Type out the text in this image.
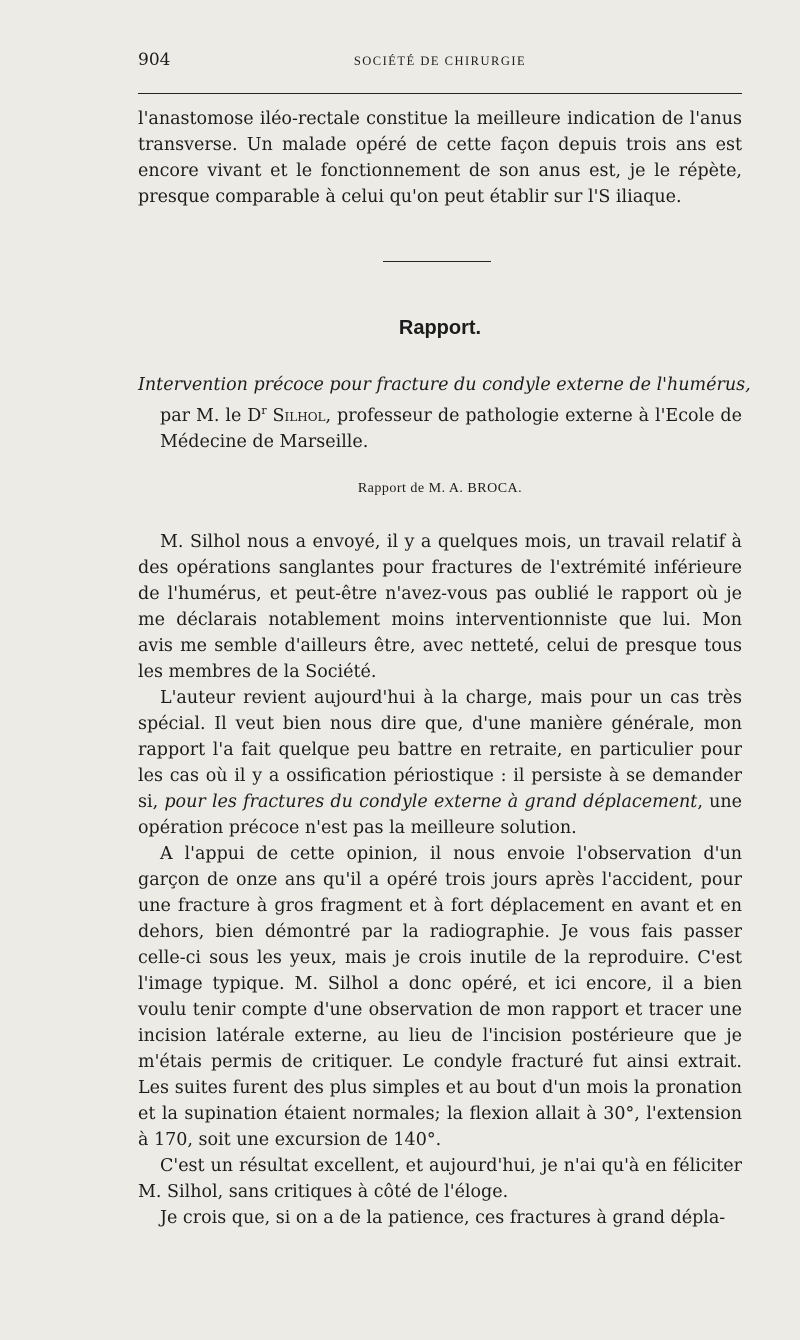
904	SOCIÉTÉ DE CHIRURGIE
l'anastomose iléo-rectale constitue la meilleure indication de l'anus transverse. Un malade opéré de cette façon depuis trois ans est encore vivant et le fonctionnement de son anus est, je le répète, presque comparable à celui qu'on peut établir sur l'S iliaque.
Rapport.
Intervention précoce pour fracture du condyle externe de l'humérus,
par M. le $D^r$ Silhol, professeur de pathologie externe à l'Ecole de Médecine de Marseille.
Rapport de M. A. BROCA.
M. Silhol nous a envoyé, il y a quelques mois, un travail relatif à des opérations sanglantes pour fractures de l'extrémité inférieure de l'humérus, et peut-être n'avez-vous pas oublié le rapport où je me déclarais notablement moins interventionniste que lui. Mon avis me semble d'ailleurs être, avec netteté, celui de presque tous les membres de la Société.
L'auteur revient aujourd'hui à la charge, mais pour un cas très spécial. Il veut bien nous dire que, d'une manière générale, mon rapport l'a fait quelque peu battre en retraite, en particulier pour les cas où il y a ossification périostique : il persiste à se demander si, pour les fractures du condyle externe à grand déplacement, une opération précoce n'est pas la meilleure solution.
A l'appui de cette opinion, il nous envoie l'observation d'un garçon de onze ans qu'il a opéré trois jours après l'accident, pour une fracture à gros fragment et à fort déplacement en avant et en dehors, bien démontré par la radiographie. Je vous fais passer celle-ci sous les yeux, mais je crois inutile de la reproduire. C'est l'image typique. M. Silhol a donc opéré, et ici encore, il a bien voulu tenir compte d'une observation de mon rapport et tracer une incision latérale externe, au lieu de l'incision postérieure que je m'étais permis de critiquer. Le condyle fracturé fut ainsi extrait. Les suites furent des plus simples et au bout d'un mois la pronation et la supination étaient normales; la flexion allait à 30°, l'extension à 170, soit une excursion de 140°.
C'est un résultat excellent, et aujourd'hui, je n'ai qu'à en féliciter M. Silhol, sans critiques à côté de l'éloge.
Je crois que, si on a de la patience, ces fractures à grand dépla-
